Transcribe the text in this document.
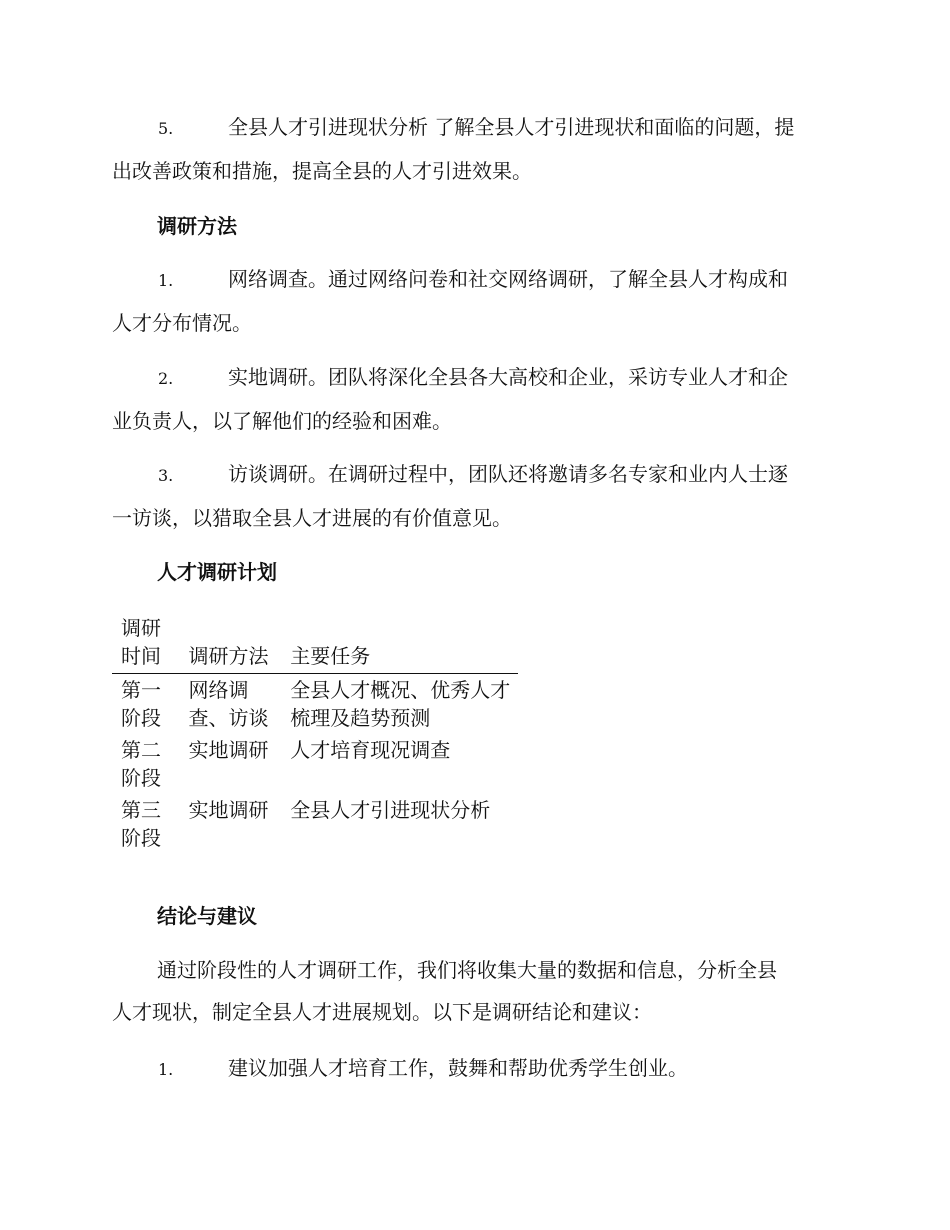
5.	全县人才引进现状分析 了解全县人才引进现状和面临的问题，提
出改善政策和措施，提高全县的人才引进效果。
调研方法
1.	网络调查。通过网络问卷和社交网络调研，了解全县人才构成和
人才分布情况。
2.	实地调研。团队将深化全县各大高校和企业，采访专业人才和企
业负责人，以了解他们的经验和困难。
3.	访谈调研。在调研过程中，团队还将邀请多名专家和业内人士逐
一访谈，以猎取全县人才进展的有价值意见。
人才调研计划
调研时间	调研方法	主要任务
第一阶段	网络调查、访谈	全县人才概况、优秀人才梳理及趋势预测
第二阶段	实地调研	人才培育现况调查
第三阶段	实地调研	全县人才引进现状分析
结论与建议
通过阶段性的人才调研工作，我们将收集大量的数据和信息，分析全县
人才现状，制定全县人才进展规划。以下是调研结论和建议：
1.	建议加强人才培育工作，鼓舞和帮助优秀学生创业。
